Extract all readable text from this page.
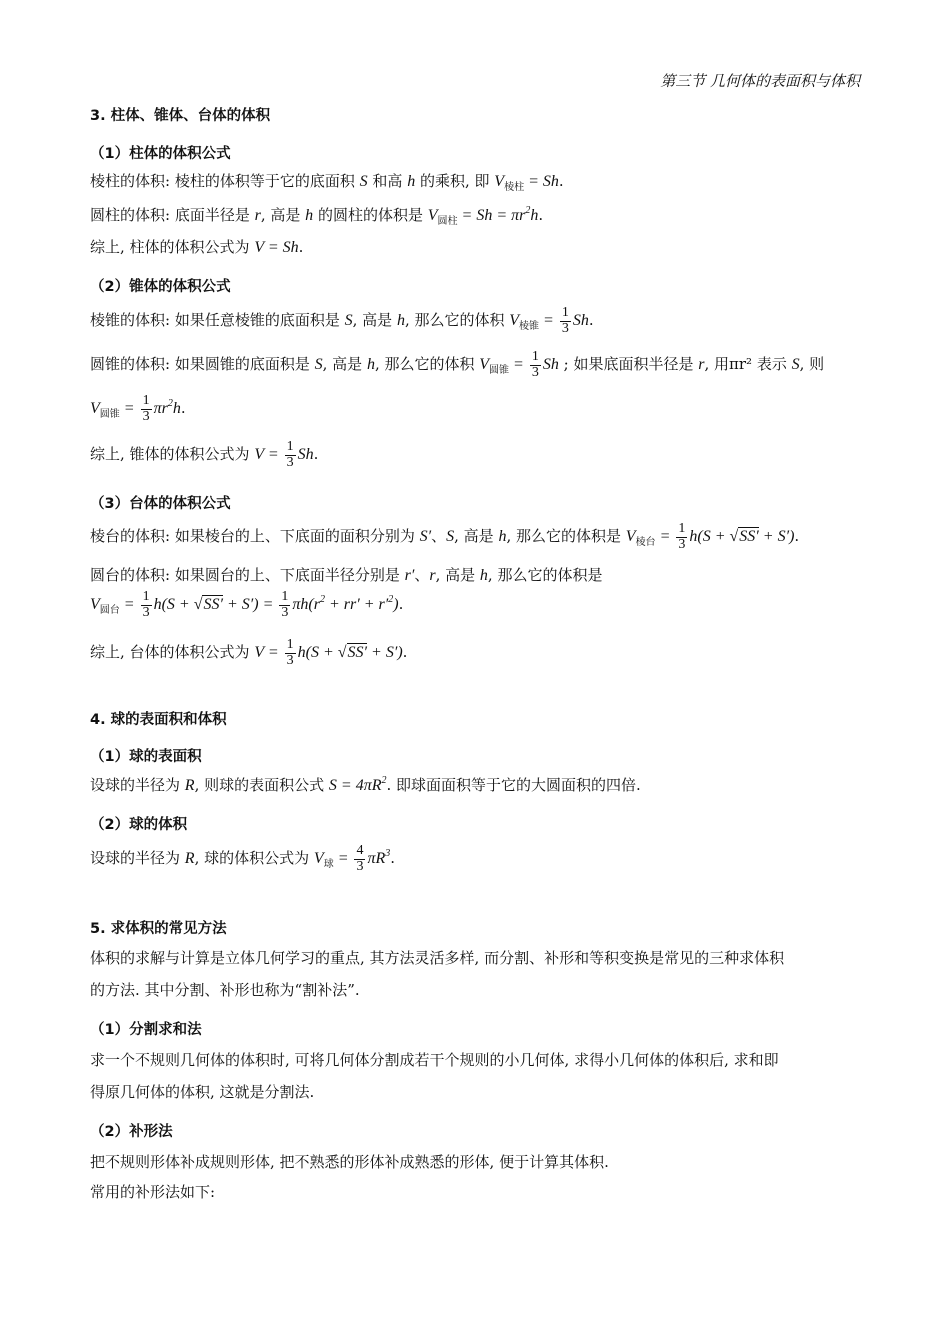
第三节 几何体的表面积与体积
3. 柱体、锥体、台体的体积
（1）柱体的体积公式
棱柱的体积: 棱柱的体积等于它的底面积 S 和高 h 的乘积, 即 $V_{棱柱} = Sh$.
圆柱的体积: 底面半径是 r, 高是 h 的圆柱的体积是 $V_{圆柱} = Sh = \pi r^2h$.
综上, 柱体的体积公式为 V = Sh.
（2）锥体的体积公式
棱锥的体积: 如果任意棱锥的底面积是 S, 高是 h, 那么它的体积 $V_{棱锥} = \frac{1}{3} Sh$.
圆锥的体积: 如果圆锥的底面积是 S, 高是 h, 那么它的体积 $V_{圆锥} = \frac{1}{3}$ Sh ; 如果底面积半径是 r, 用πr² 表示 S, 则
$V_{圆锥} = \frac{1}{3} \pi r^2h$.
综上, 锥体的体积公式为 $V = \frac{1}{3} Sh$.
（3）台体的体积公式
棱台的体积: 如果棱台的上、下底面的面积分别为 S′、S, 高是 h, 那么它的体积是 $V_{棱台} = \frac{1}{3} h(S + √SS' + S')$.
圆台的体积: 如果圆台的上、下底面半径分别是 r′、r, 高是 h, 那么它的体积是
$V_{圆台} = \frac{1}{3} h(S + √SS' + S') = \frac{1}{3} \pi h(r^2 + rr' + r'^2)$.
综上, 台体的体积公式为 $V = \frac{1}{3} h(S + √SS' + S')$.
4. 球的表面积和体积
（1）球的表面积
设球的半径为 R, 则球的表面积公式 $S = 4\pi R^2$. 即球面面积等于它的大圆面积的四倍.
（2）球的体积
设球的半径为 R, 球的体积公式为 $V_球 = \frac{4}{3} \pi R^3$.
5. 求体积的常见方法
体积的求解与计算是立体几何学习的重点, 其方法灵活多样, 而分割、补形和等积变换是常见的三种求体积
的方法. 其中分割、补形也称为“割补法”.
（1）分割求和法
求一个不规则几何体的体积时, 可将几何体分割成若干个规则的小几何体, 求得小几何体的体积后, 求和即
得原几何体的体积, 这就是分割法.
（2）补形法
把不规则形体补成规则形体, 把不熟悉的形体补成熟悉的形体, 便于计算其体积.
常用的补形法如下:
